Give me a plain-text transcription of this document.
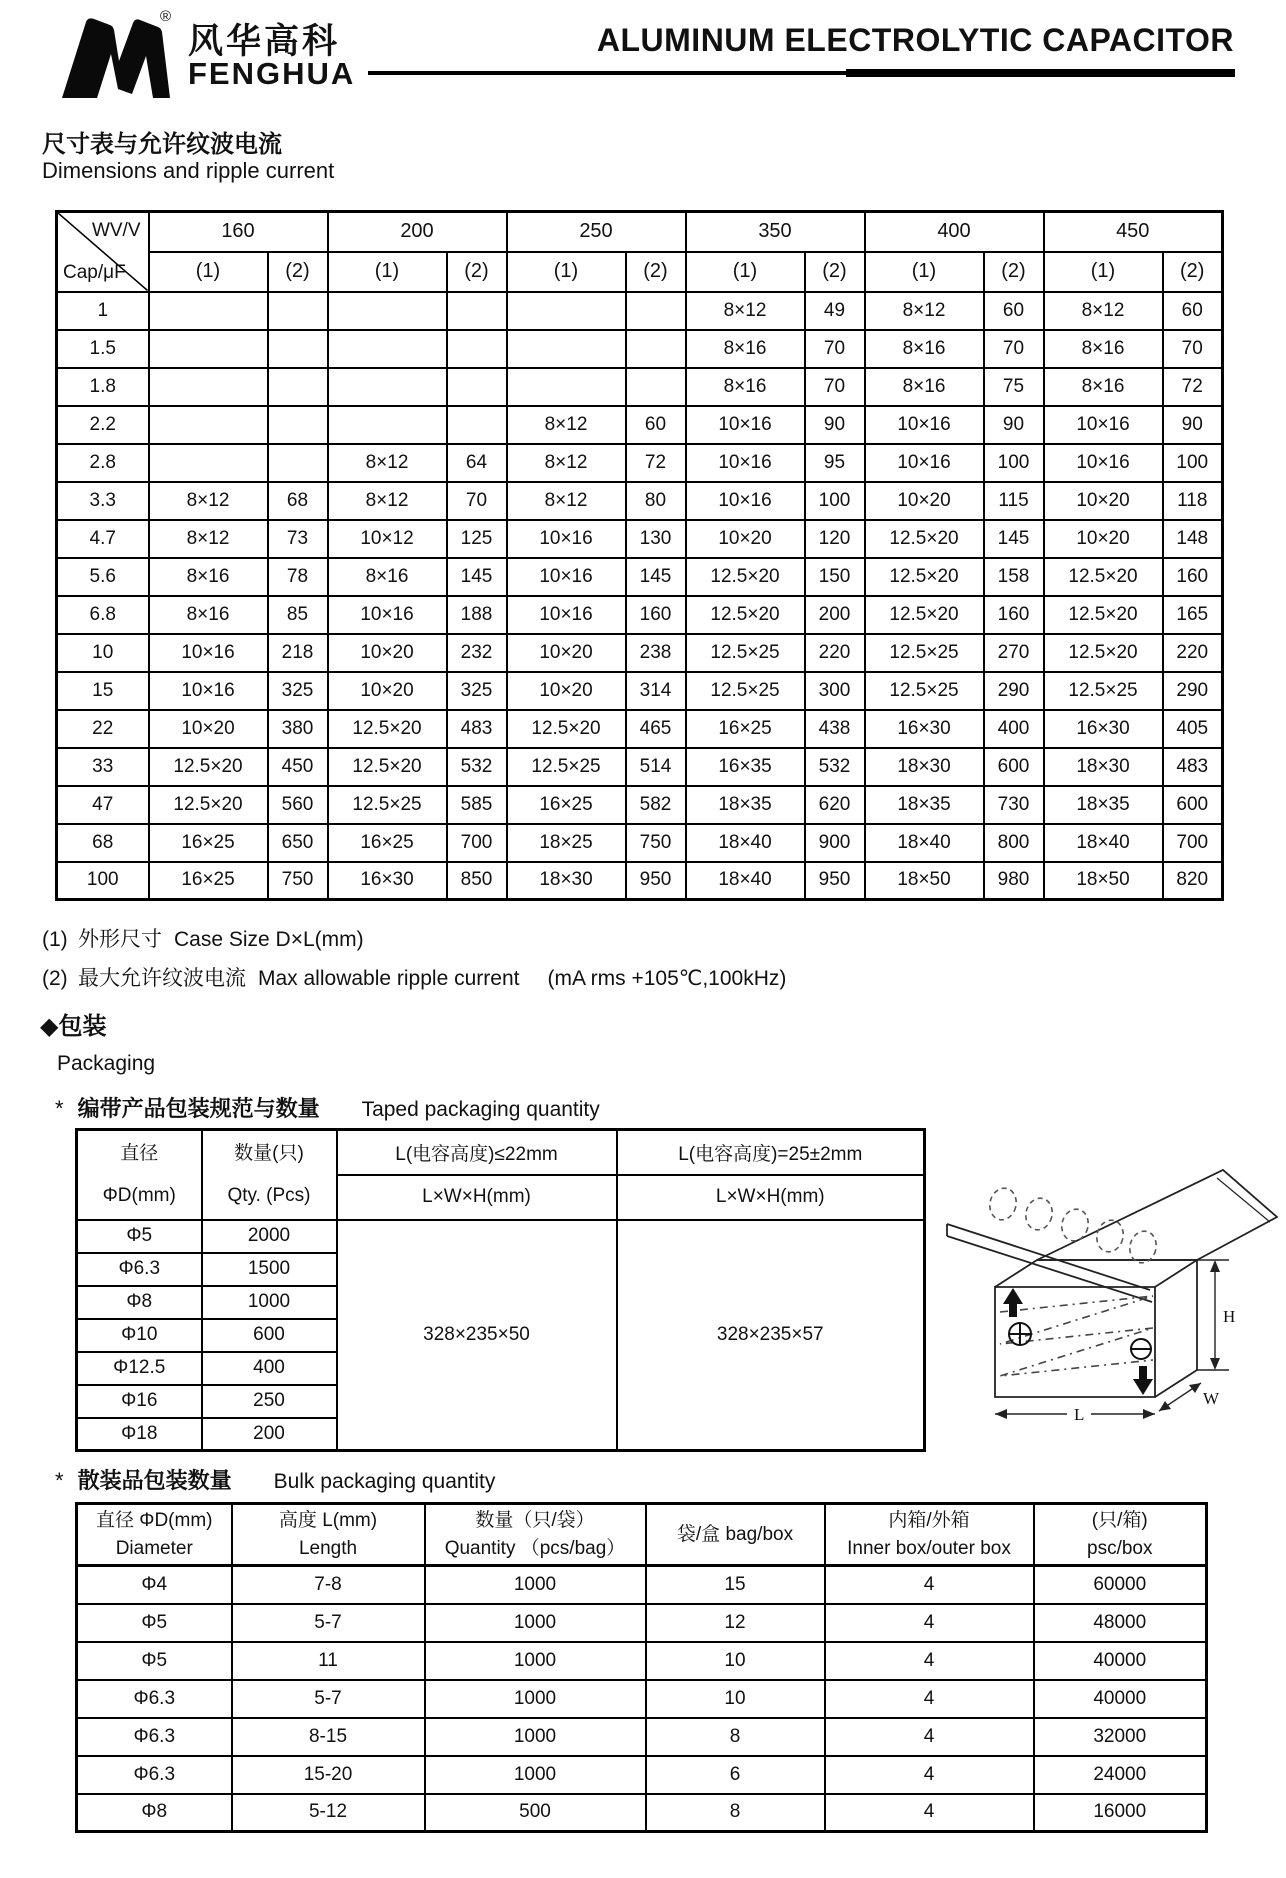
®
风华高科
FENGHUA
ALUMINUM ELECTROLYTIC CAPACITOR
尺寸表与允许纹波电流
Dimensions and ripple current
WV/V
Cap/μF	160		200		250		350		400		450	
	(1)	(2)	(1)	(2)	(1)	(2)	(1)	(2)	(1)	(2)	(1)	(2)
1							8×12	49	8×12	60	8×12	60
1.5							8×16	70	8×16	70	8×16	70
1.8							8×16	70	8×16	75	8×16	72
2.2					8×12	60	10×16	90	10×16	90	10×16	90
2.8			8×12	64	8×12	72	10×16	95	10×16	100	10×16	100
3.3	8×12	68	8×12	70	8×12	80	10×16	100	10×20	115	10×20	118
4.7	8×12	73	10×12	125	10×16	130	10×20	120	12.5×20	145	10×20	148
5.6	8×16	78	8×16	145	10×16	145	12.5×20	150	12.5×20	158	12.5×20	160
6.8	8×16	85	10×16	188	10×16	160	12.5×20	200	12.5×20	160	12.5×20	165
10	10×16	218	10×20	232	10×20	238	12.5×25	220	12.5×25	270	12.5×20	220
15	10×16	325	10×20	325	10×20	314	12.5×25	300	12.5×25	290	12.5×25	290
22	10×20	380	12.5×20	483	12.5×20	465	16×25	438	16×30	400	16×30	405
33	12.5×20	450	12.5×20	532	12.5×25	514	16×35	532	18×30	600	18×30	483
47	12.5×20	560	12.5×25	585	16×25	582	18×35	620	18×35	730	18×35	600
68	16×25	650	16×25	700	18×25	750	18×40	900	18×40	800	18×40	700
100	16×25	750	16×30	850	18×30	950	18×40	950	18×50	980	18×50	820
(1) 外形尺寸 Case Size D×L(mm)
(2) 最大允许纹波电流 Max allowable ripple current (mA rms +105℃,100kHz)
◆包装
Packaging
* 编带产品包装规范与数量 Taped packaging quantity
直径
ΦD(mm)

数量(只)
Qty. (Pcs)
	L(电容高度)≤22mm	L(电容高度)=25±2mm
		L×W×H(mm)	L×W×H(mm)
Φ5	2000	328×235×50	328×235×57
Φ6.3	1500		
Φ8	1000		
Φ10	600		
Φ12.5	400		
Φ16	250		
Φ18	200		
H
W
L
* 散装品包装数量 Bulk packaging quantity
直径 ΦD(mm)
Diameter

高度 L(mm)
Length

数量（只/袋）
Quantity （pcs/bag）

袋/盒 bag/box

内箱/外箱
Inner box/outer box

(只/箱)
psc/box

Φ4	7-8	1000	15	4	60000
Φ5	5-7	1000	12	4	48000
Φ5	11	1000	10	4	40000
Φ6.3	5-7	1000	10	4	40000
Φ6.3	8-15	1000	8	4	32000
Φ6.3	15-20	1000	6	4	24000
Φ8	5-12	500	8	4	16000
